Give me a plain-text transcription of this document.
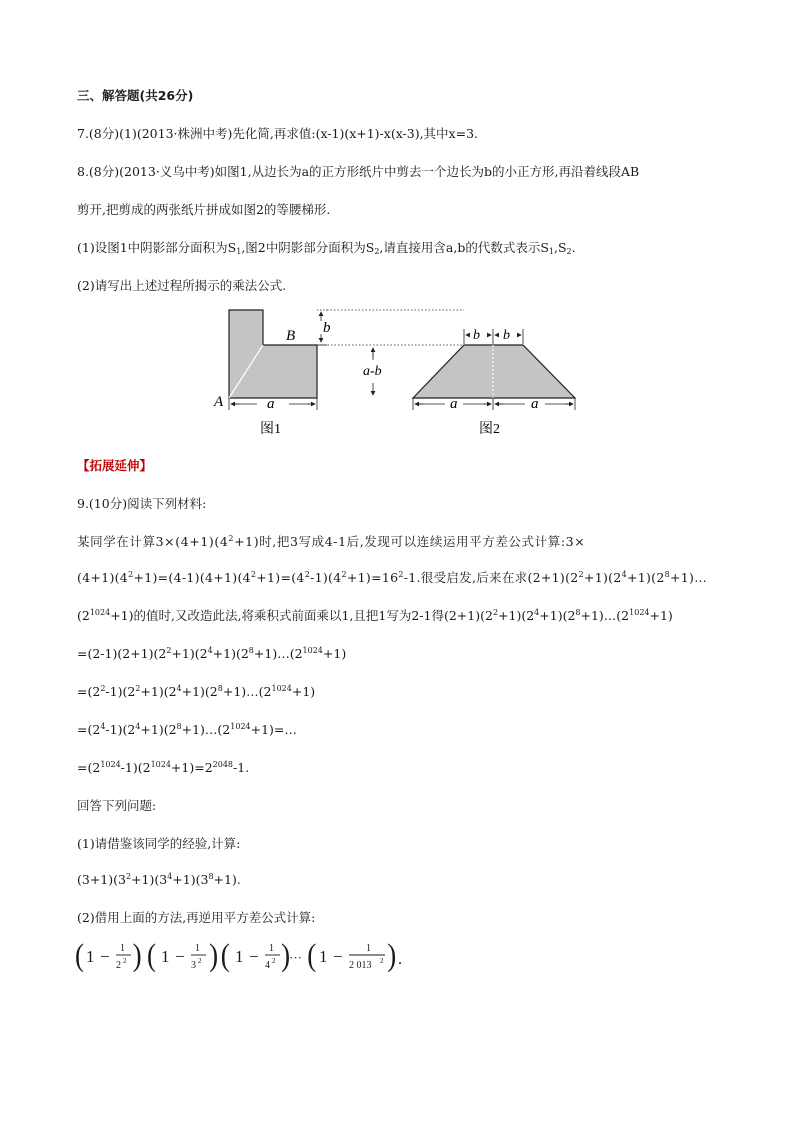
三、解答题(共26分)
7.(8分)(1)(2013·株洲中考)先化简,再求值:(x-1)(x+1)-x(x-3),其中x=3.
8.(8分)(2013·义乌中考)如图1,从边长为a的正方形纸片中剪去一个边长为b的小正方形,再沿着线段AB
剪开,把剪成的两张纸片拼成如图2的等腰梯形.
(1)设图1中阴影部分面积为$S_1$,图2中阴影部分面积为$S_2$,请直接用含a,b的代数式表示$S_1,S_2$.
(2)请写出上述过程所揭示的乘法公式.
B
A
b
a
图1
a-b
b b
a	a
图2
【拓展延伸】
9.(10分)阅读下列材料:
某同学在计算$3\times(4+1)(4^2+1)$时,把3写成4-1后,发现可以连续运用平方差公式计算:3×
$(4+1)(4^2+1)=(4-1)(4+1)(4^2+1)=(4^2-1)(4^2+1)=16^2-1$.很受启发,后来在求$(2+1)(2^2+1)(2^4+1)(2^8+1)\dots$
$(2^{1024}+1)$的值时,又改造此法,将乘积式前面乘以1,且把1写为2-1得$(2+1)(2^2+1)(2^4+1)(2^8+1)\dots(2^{1024}+1)$
$=(2-1)(2+1)(2^2+1)(2^4+1)(2^8+1)\dots(2^{1024}+1)$
$=(2^2-1)(2^2+1)(2^4+1)(2^8+1)\dots(2^{1024}+1)$
$=(2^4-1)(2^4+1)(2^8+1)\dots(2^{1024}+1)=\dots$
$=(2^{1024}-1)(2^{1024}+1)=2^{2048}-1$.
回答下列问题:
(1)请借鉴该同学的经验,计算:
$(3+1)(3^2+1)(3^4+1)(3^8+1)$.
(2)借用上面的方法,再逆用平方差公式计算:
( 1 − 1
2 2 ) ( 1 − 1
3 2 ) ( 1 − 1
4 2 )
··· ( 1 − 1
2 013 2 ) .
